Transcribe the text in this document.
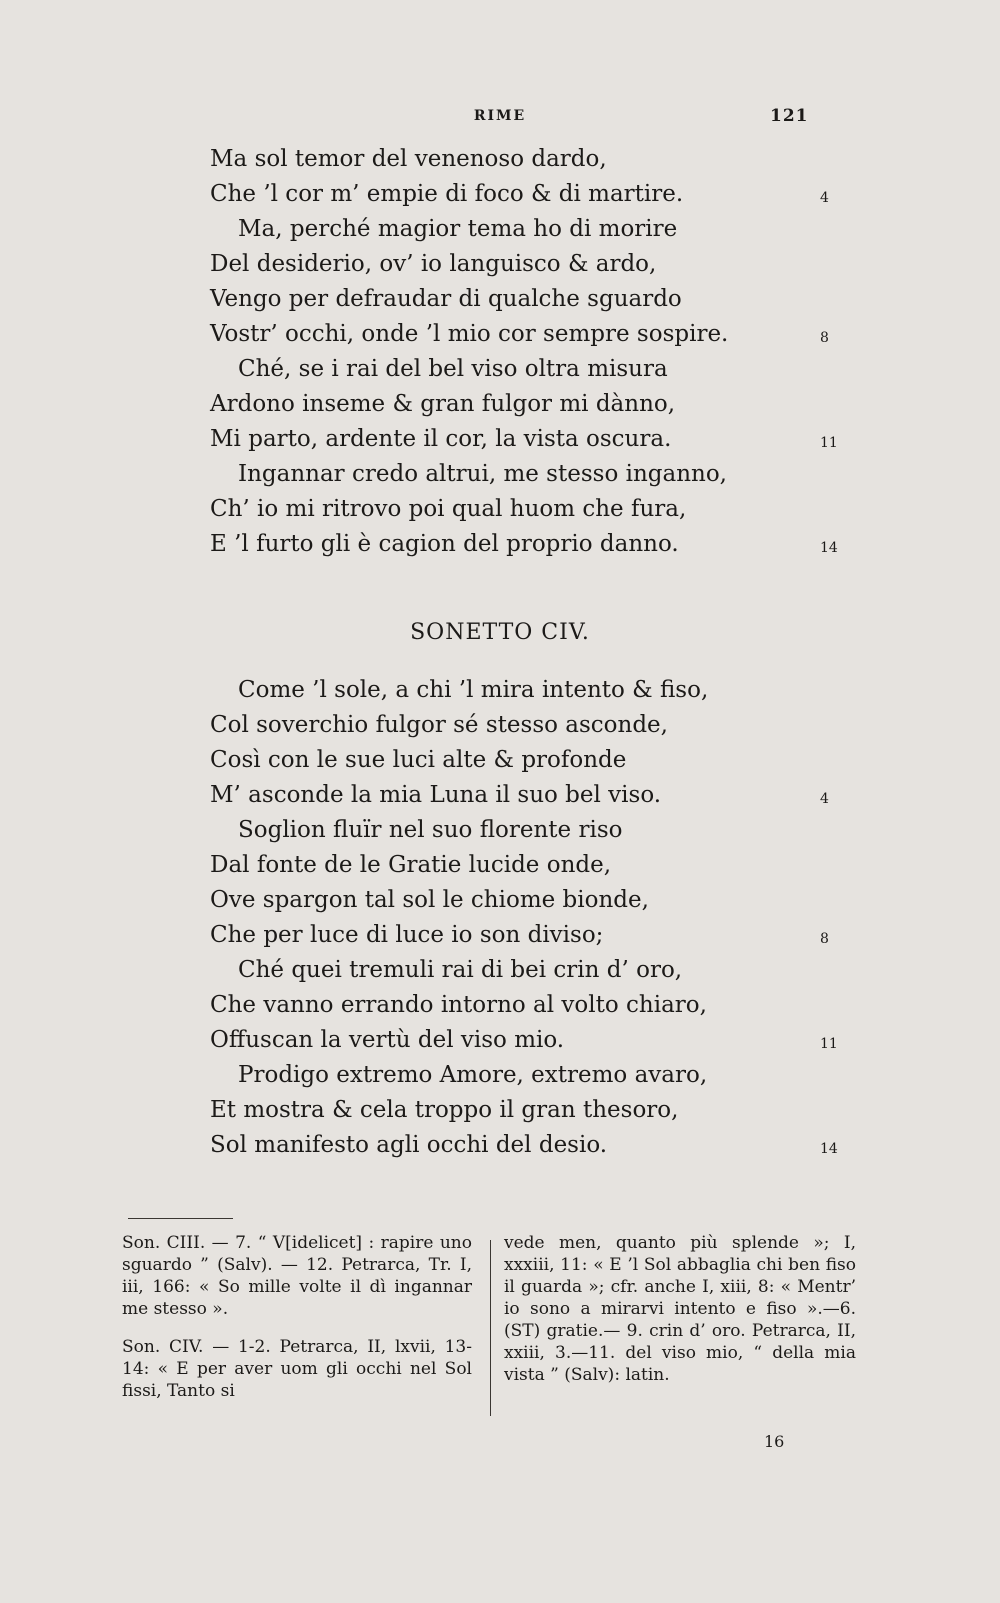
RIME	121
Ma sol temor del venenoso dardo,
Che ’l cor m’ empie di foco & di martire.	4
Ma, perché magior tema ho di morire
Del desiderio, ov’ io languisco & ardo,
Vengo per defraudar di qualche sguardo
Vostr’ occhi, onde ’l mio cor sempre sospire.	8
Ché, se i rai del bel viso oltra misura
Ardono inseme & gran fulgor mi dànno,
Mi parto, ardente il cor, la vista oscura.	11
Ingannar credo altrui, me stesso inganno,
Ch’ io mi ritrovo poi qual huom che fura,
E ’l furto gli è cagion del proprio danno.	14
SONETTO CIV.
Come ’l sole, a chi ’l mira intento & fiso,
Col soverchio fulgor sé stesso asconde,
Così con le sue luci alte & profonde
M’ asconde la mia Luna il suo bel viso.	4
Soglion fluïr nel suo florente riso
Dal fonte de le Gratie lucide onde,
Ove spargon tal sol le chiome bionde,
Che per luce di luce io son diviso;	8
Ché quei tremuli rai di bei crin d’ oro,
Che vanno errando intorno al volto chiaro,
Offuscan la vertù del viso mio.	11
Prodigo extremo Amore, extremo avaro,
Et mostra & cela troppo il gran thesoro,
Sol manifesto agli occhi del desio.	14

Son. CIII. — 7. “ V[idelicet] : rapire uno sguardo ” (Salv). — 12. Petrarca, Tr. I, iii, 166: « So mille volte il dì ingannar me stesso ».

Son. CIV. — 1-2. Petrarca, II, lxvii, 13-14: « E per aver uom gli occhi nel Sol fissi, Tanto si

vede men, quanto più splende »; I, xxxiii, 11: « E ’l Sol abbaglia chi ben fiso il guarda »; cfr. anche I, xiii, 8: « Mentr’ io sono a mirarvi intento e fiso ».—6. (ST) gratie.— 9. crin d’ oro. Petrarca, II, xxiii, 3.—11. del viso mio, “ della mia vista ” (Salv): latin.

16
